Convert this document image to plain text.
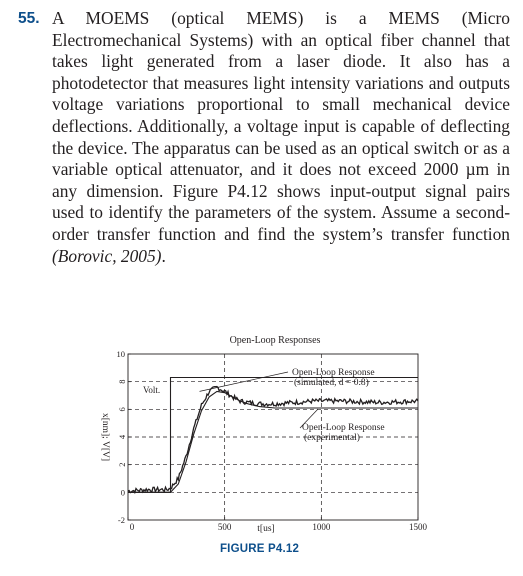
55. A MOEMS (optical MEMS) is a MEMS (Micro Electromechanical Systems) with an optical fiber channel that takes light generated from a laser diode. It also has a photodetector that measures light intensity variations and outputs voltage variations proportional to small mechanical device deflections. Additionally, a voltage input is capable of deflecting the device. The apparatus can be used as an optical switch or as a variable optical attenuator, and it does not exceed 2000 µm in any dimension. Figure P4.12 shows input-output signal pairs used to identify the parameters of the system. Assume a second-order transfer function and find the system’s transfer function (Borovic, 2005).
-2
0
2
4
6
8
10
0	500	1000	1500
Open-Loop Responses
t[us]
x[nm]; V[V]
Volt.
Open-Loop Response
(simulated, d = 0.8)
Open-Loop Response
(experimental)
FIGURE P4.12
